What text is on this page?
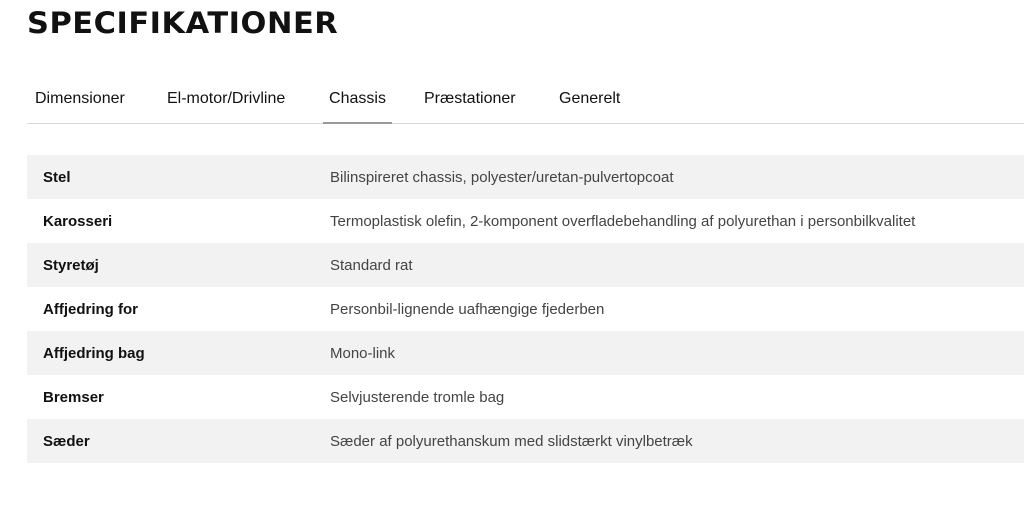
SPECIFIKATIONER
Dimensioner	El-motor/Drivline	Chassis	Præstationer	Generelt
Stel	Bilinspireret chassis, polyester/uretan-pulvertopcoat
Karosseri	Termoplastisk olefin, 2-komponent overfladebehandling af polyurethan i personbilkvalitet
Styretøj	Standard rat
Affjedring for	Personbil-lignende uafhængige fjederben
Affjedring bag	Mono-link
Bremser	Selvjusterende tromle bag
Sæder	Sæder af polyurethanskum med slidstærkt vinylbetræk
